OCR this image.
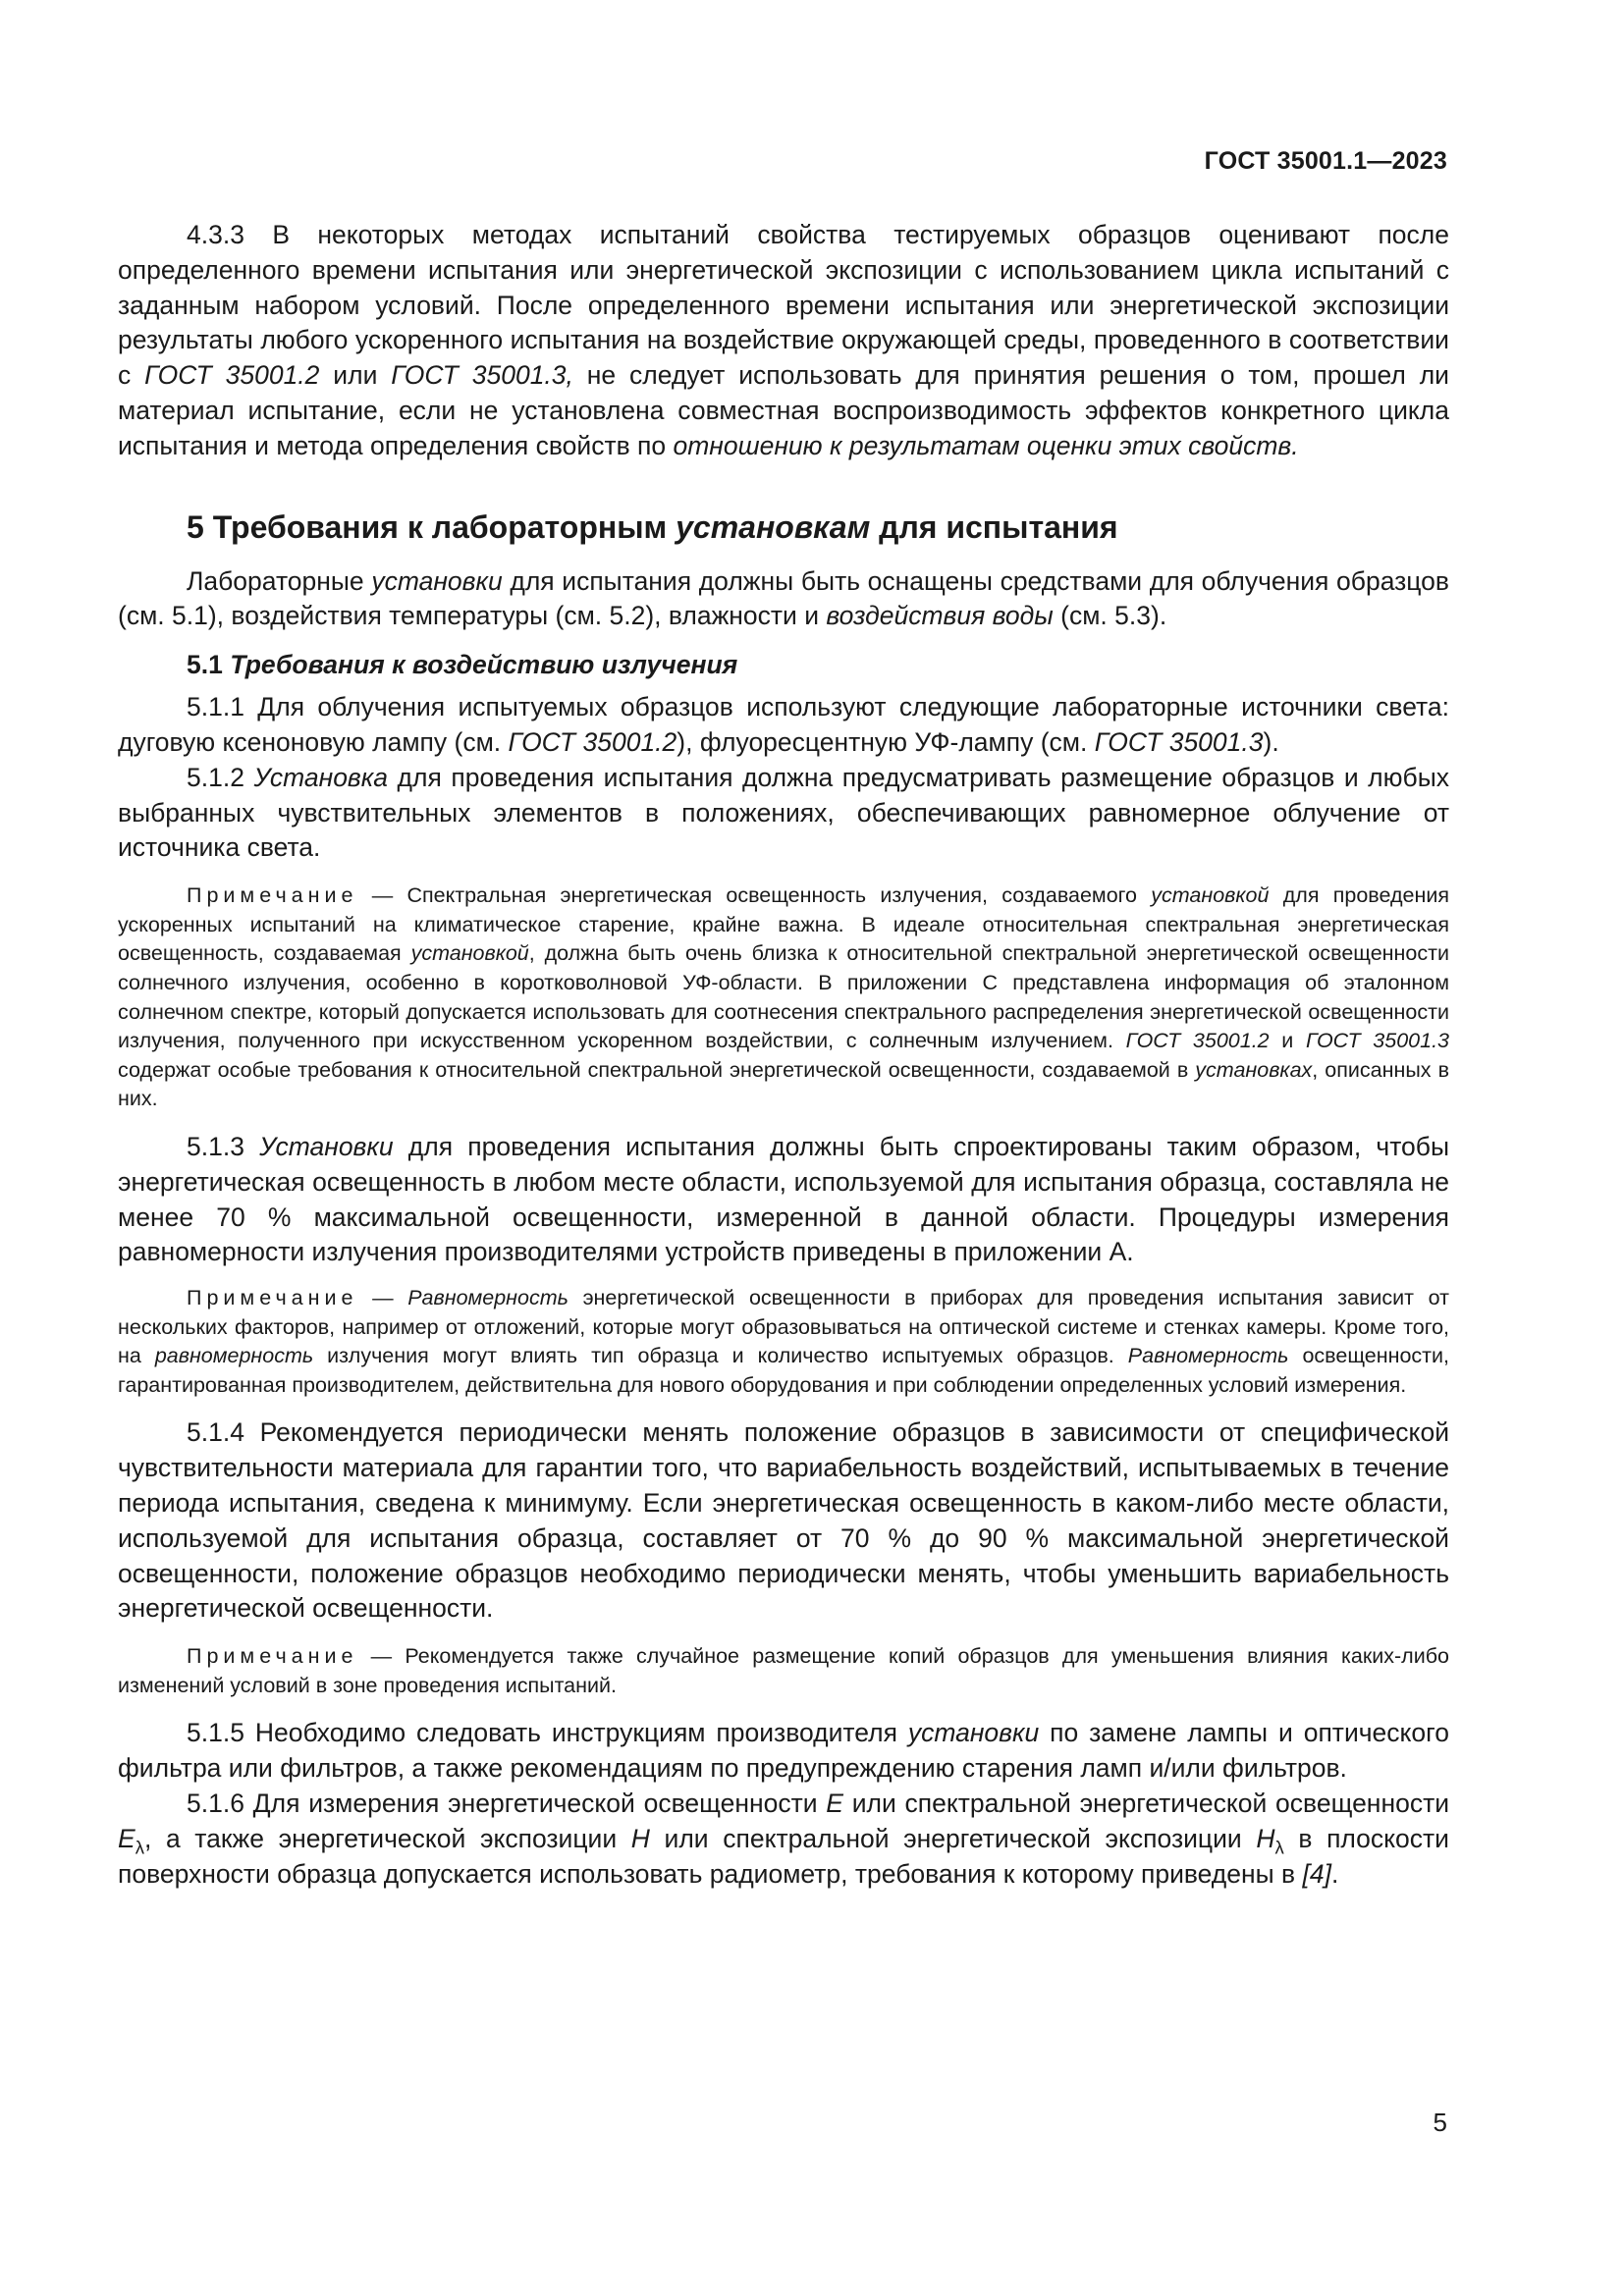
ГОСТ 35001.1—2023

4.3.3 В некоторых методах испытаний свойства тестируемых образцов оценивают после определенного времени испытания или энергетической экспозиции с использованием цикла испытаний с заданным набором условий. После определенного времени испытания или энергетической экспозиции результаты любого ускоренного испытания на воздействие окружающей среды, проведенного в соответствии с ГОСТ 35001.2 или ГОСТ 35001.3, не следует использовать для принятия решения о том, прошел ли материал испытание, если не установлена совместная воспроизводимость эффектов конкретного цикла испытания и метода определения свойств по отношению к результатам оценки этих свойств.

5 Требования к лабораторным установкам для испытания

Лабораторные установки для испытания должны быть оснащены средствами для облучения образцов (см. 5.1), воздействия температуры (см. 5.2), влажности и воздействия воды (см. 5.3).

5.1 Требования к воздействию излучения

5.1.1 Для облучения испытуемых образцов используют следующие лабораторные источники света: дуговую ксеноновую лампу (см. ГОСТ 35001.2), флуоресцентную УФ-лампу (см. ГОСТ 35001.3).

5.1.2 Установка для проведения испытания должна предусматривать размещение образцов и любых выбранных чувствительных элементов в положениях, обеспечивающих равномерное облучение от источника света.

Примечание — Спектральная энергетическая освещенность излучения, создаваемого установкой для проведения ускоренных испытаний на климатическое старение, крайне важна. В идеале относительная спектральная энергетическая освещенность, создаваемая установкой, должна быть очень близка к относительной спектральной энергетической освещенности солнечного излучения, особенно в коротковолновой УФ-области. В приложении С представлена информация об эталонном солнечном спектре, который допускается использовать для соотнесения спектрального распределения энергетической освещенности излучения, полученного при искусственном ускоренном воздействии, с солнечным излучением. ГОСТ 35001.2 и ГОСТ 35001.3 содержат особые требования к относительной спектральной энергетической освещенности, создаваемой в установках, описанных в них.

5.1.3 Установки для проведения испытания должны быть спроектированы таким образом, чтобы энергетическая освещенность в любом месте области, используемой для испытания образца, составляла не менее 70 % максимальной освещенности, измеренной в данной области. Процедуры измерения равномерности излучения производителями устройств приведены в приложении А.

Примечание — Равномерность энергетической освещенности в приборах для проведения испытания зависит от нескольких факторов, например от отложений, которые могут образовываться на оптической системе и стенках камеры. Кроме того, на равномерность излучения могут влиять тип образца и количество испытуемых образцов. Равномерность освещенности, гарантированная производителем, действительна для нового оборудования и при соблюдении определенных условий измерения.

5.1.4 Рекомендуется периодически менять положение образцов в зависимости от специфической чувствительности материала для гарантии того, что вариабельность воздействий, испытываемых в течение периода испытания, сведена к минимуму. Если энергетическая освещенность в каком-либо месте области, используемой для испытания образца, составляет от 70 % до 90 % максимальной энергетической освещенности, положение образцов необходимо периодически менять, чтобы уменьшить вариабельность энергетической освещенности.

Примечание — Рекомендуется также случайное размещение копий образцов для уменьшения влияния каких-либо изменений условий в зоне проведения испытаний.

5.1.5 Необходимо следовать инструкциям производителя установки по замене лампы и оптического фильтра или фильтров, а также рекомендациям по предупреждению старения ламп и/или фильтров.

5.1.6 Для измерения энергетической освещенности E или спектральной энергетической освещенности $E_\lambda$, а также энергетической экспозиции H или спектральной энергетической экспозиции $H_\lambda$ в плоскости поверхности образца допускается использовать радиометр, требования к которому приведены в [4].

5
